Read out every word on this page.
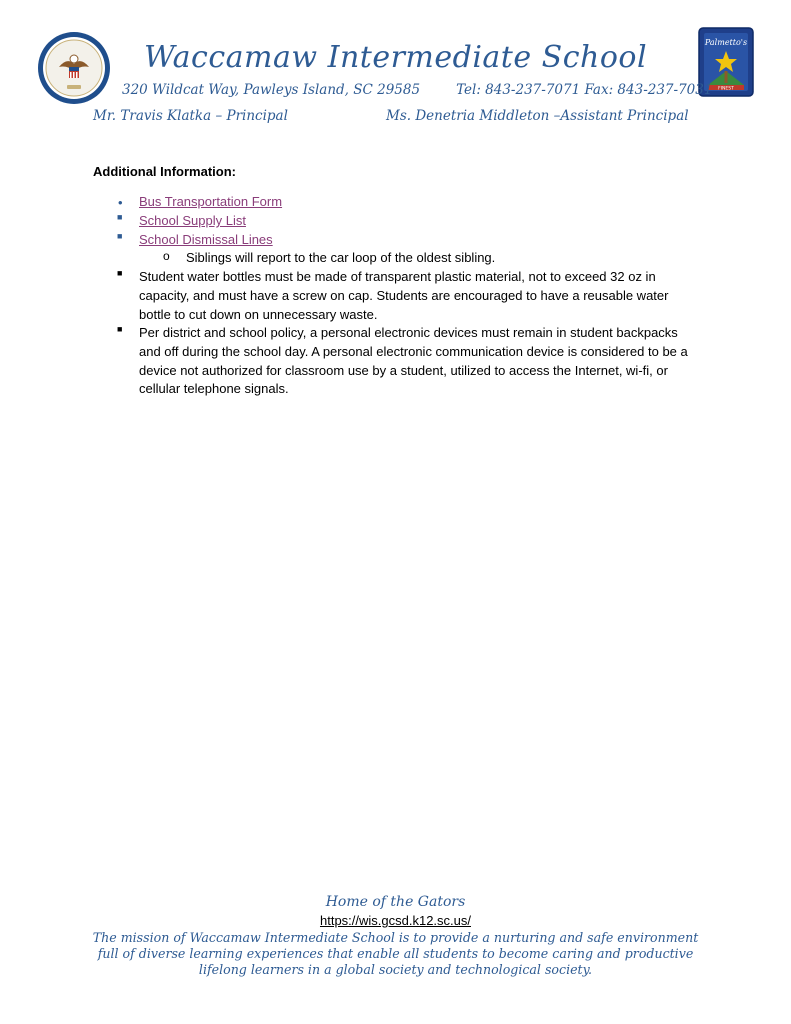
Waccamaw Intermediate School	Palmetto's
FINEST
320 Wildcat Way, Pawleys Island, SC 29585	Tel: 843-237-7071 Fax: 843-237-7031
Mr. Travis Klatka – Principal	Ms. Denetria Middleton –Assistant Principal
Additional Information:
• Bus Transportation Form
■ School Supply List
■ School Dismissal Lines
o Siblings will report to the car loop of the oldest sibling.
■ Student water bottles must be made of transparent plastic material, not to exceed 32 oz in capacity, and must have a screw on cap. Students are encouraged to have a reusable water bottle to cut down on unnecessary waste.
■ Per district and school policy, a personal electronic devices must remain in student backpacks and off during the school day. A personal electronic communication device is considered to be a device not authorized for classroom use by a student, utilized to access the Internet, wi-fi, or cellular telephone signals.
Home of the Gators
https://wis.gcsd.k12.sc.us/
The mission of Waccamaw Intermediate School is to provide a nurturing and safe environment full of diverse learning experiences that enable all students to become caring and productive lifelong learners in a global society and technological society.
